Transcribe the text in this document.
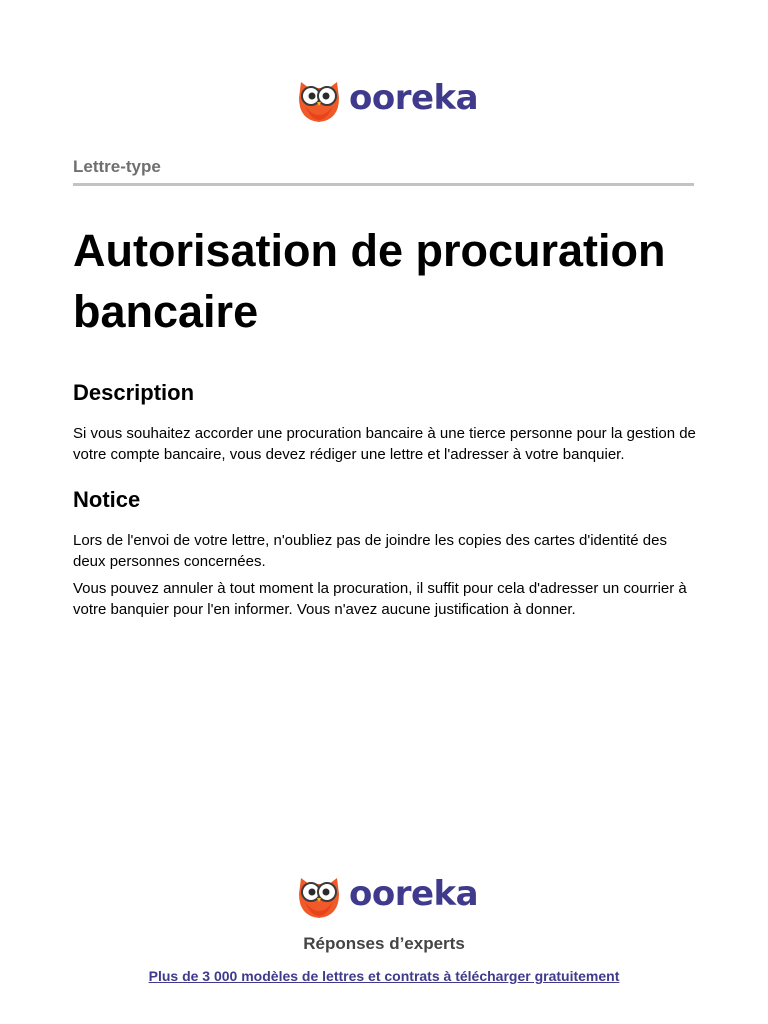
ooreka
Lettre-type
Autorisation de procuration bancaire
Description

Si vous souhaitez accorder une procuration bancaire à une tierce personne pour la gestion de votre compte bancaire, vous devez rédiger une lettre et l'adresser à votre banquier.

Notice

Lors de l'envoi de votre lettre, n'oubliez pas de joindre les copies des cartes d'identité des deux personnes concernées.

Vous pouvez annuler à tout moment la procuration, il suffit pour cela d'adresser un courrier à votre banquier pour l'en informer. Vous n'avez aucune justification à donner.

ooreka
Réponses d’experts
Plus de 3 000 modèles de lettres et contrats à télécharger gratuitement
